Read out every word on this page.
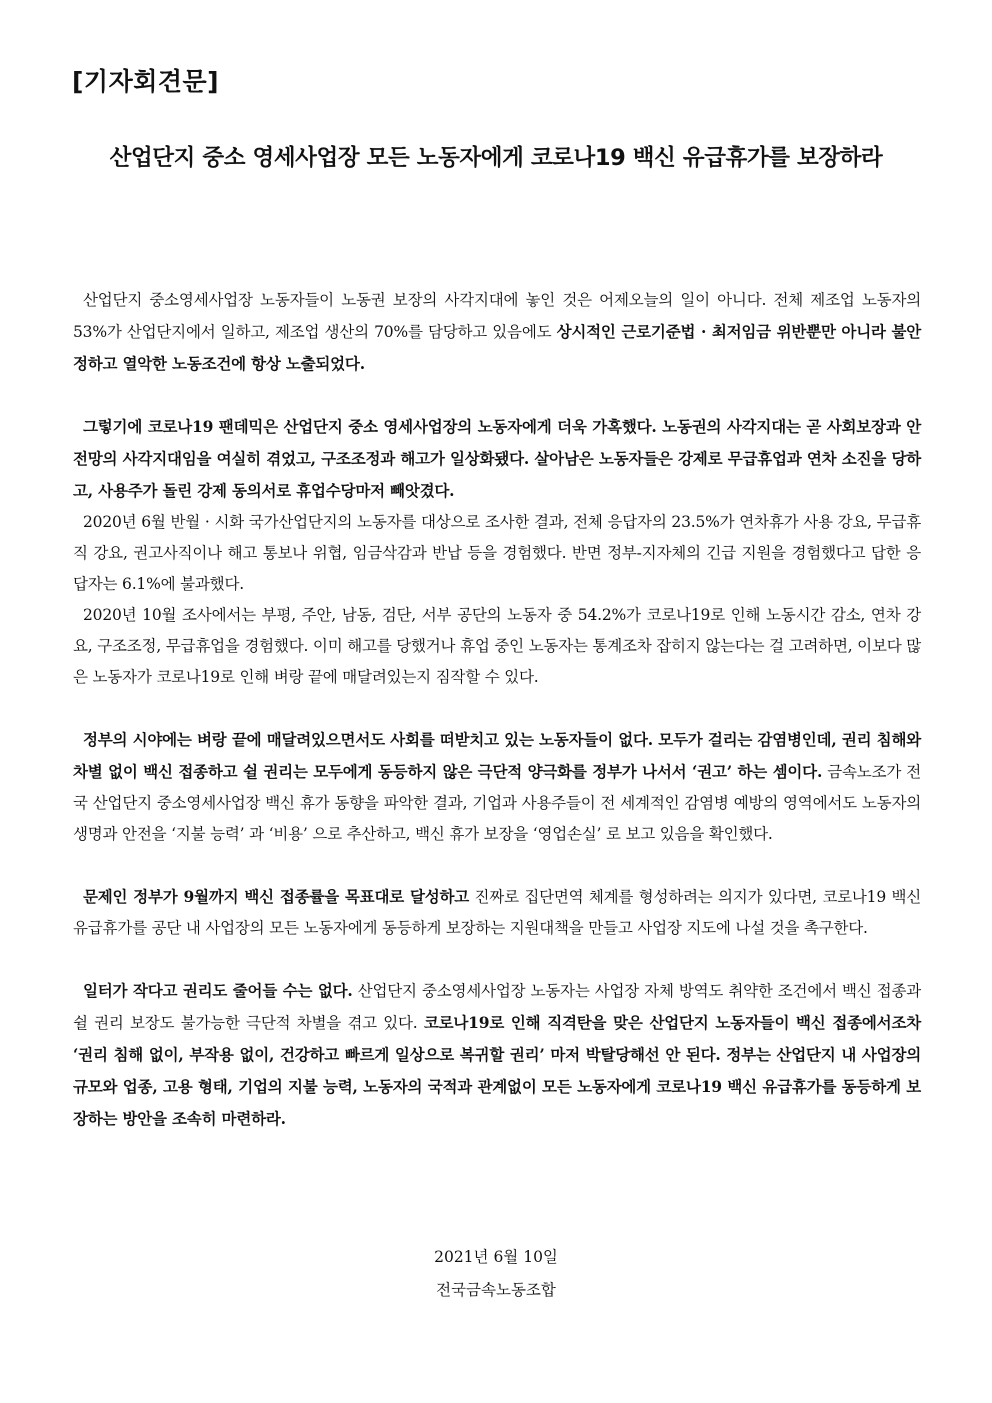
[기자회견문]
산업단지 중소 영세사업장 모든 노동자에게 코로나19 백신 유급휴가를 보장하라

산업단지 중소영세사업장 노동자들이 노동권 보장의 사각지대에 놓인 것은 어제오늘의 일이 아니다. 전체 제조업 노동자의 53%가 산업단지에서 일하고, 제조업 생산의 70%를 담당하고 있음에도 상시적인 근로기준법 · 최저임금 위반뿐만 아니라 불안정하고 열악한 노동조건에 항상 노출되었다.

그렇기에 코로나19 팬데믹은 산업단지 중소 영세사업장의 노동자에게 더욱 가혹했다. 노동권의 사각지대는 곧 사회보장과 안전망의 사각지대임을 여실히 겪었고, 구조조정과 해고가 일상화됐다. 살아남은 노동자들은 강제로 무급휴업과 연차 소진을 당하고, 사용주가 돌린 강제 동의서로 휴업수당마저 빼앗겼다.

2020년 6월 반월 · 시화 국가산업단지의 노동자를 대상으로 조사한 결과, 전체 응답자의 23.5%가 연차휴가 사용 강요, 무급휴직 강요, 권고사직이나 해고 통보나 위협, 임금삭감과 반납 등을 경험했다. 반면 정부-지자체의 긴급 지원을 경험했다고 답한 응답자는 6.1%에 불과했다.

2020년 10월 조사에서는 부평, 주안, 남동, 검단, 서부 공단의 노동자 중 54.2%가 코로나19로 인해 노동시간 감소, 연차 강요, 구조조정, 무급휴업을 경험했다. 이미 해고를 당했거나 휴업 중인 노동자는 통계조차 잡히지 않는다는 걸 고려하면, 이보다 많은 노동자가 코로나19로 인해 벼랑 끝에 매달려있는지 짐작할 수 있다.

정부의 시야에는 벼랑 끝에 매달려있으면서도 사회를 떠받치고 있는 노동자들이 없다. 모두가 걸리는 감염병인데, 권리 침해와 차별 없이 백신 접종하고 쉴 권리는 모두에게 동등하지 않은 극단적 양극화를 정부가 나서서 ‘권고’ 하는 셈이다. 금속노조가 전국 산업단지 중소영세사업장 백신 휴가 동향을 파악한 결과, 기업과 사용주들이 전 세계적인 감염병 예방의 영역에서도 노동자의 생명과 안전을 ‘지불 능력’ 과 ‘비용’ 으로 추산하고, 백신 휴가 보장을 ‘영업손실’ 로 보고 있음을 확인했다.

문제인 정부가 9월까지 백신 접종률을 목표대로 달성하고 진짜로 집단면역 체계를 형성하려는 의지가 있다면, 코로나19 백신 유급휴가를 공단 내 사업장의 모든 노동자에게 동등하게 보장하는 지원대책을 만들고 사업장 지도에 나설 것을 촉구한다.

일터가 작다고 권리도 줄어들 수는 없다. 산업단지 중소영세사업장 노동자는 사업장 자체 방역도 취약한 조건에서 백신 접종과 쉴 권리 보장도 불가능한 극단적 차별을 겪고 있다. 코로나19로 인해 직격탄을 맞은 산업단지 노동자들이 백신 접종에서조차 ‘권리 침해 없이, 부작용 없이, 건강하고 빠르게 일상으로 복귀할 권리’ 마저 박탈당해선 안 된다. 정부는 산업단지 내 사업장의 규모와 업종, 고용 형태, 기업의 지불 능력, 노동자의 국적과 관계없이 모든 노동자에게 코로나19 백신 유급휴가를 동등하게 보장하는 방안을 조속히 마련하라.

2021년 6월 10일

전국금속노동조합
